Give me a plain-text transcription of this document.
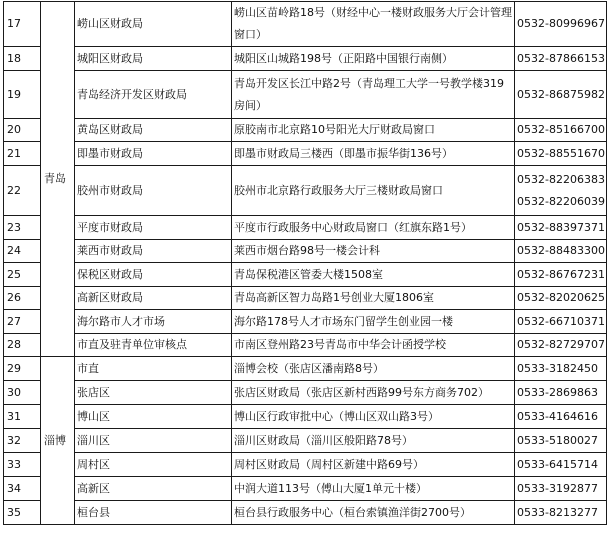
17	青岛	崂山区财政局	崂山区苗岭路18号（财经中心一楼财政服务大厅会计管理窗口）	0532-80996967

18		城阳区财政局	城阳区山城路198号（正阳路中国银行南侧）	0532-87866153

19		青岛经济开发区财政局	青岛开发区长江中路2号（青岛理工大学一号教学楼319房间）	0532-86875982

20		黄岛区财政局	原胶南市北京路10号阳光大厅财政局窗口	0532-85166700

21		即墨市财政局	即墨市财政局三楼西（即墨市振华街136号）	0532-88551670

22		胶州市财政局	胶州市北京路行政服务大厅三楼财政局窗口	0532-82206383
0532-82206039

23		平度市财政局	平度市行政服务中心财政局窗口（红旗东路1号）	0532-88397371

24		莱西市财政局	莱西市烟台路98号一楼会计科	0532-88483300

25		保税区财政局	青岛保税港区管委大楼1508室	0532-86767231

26		高新区财政局	青岛高新区智力岛路1号创业大厦1806室	0532-82020625

27		海尔路市人才市场	海尔路178号人才市场东门留学生创业园一楼	0532-66710371

28		市直及驻青单位审核点	市南区登州路23号青岛市中华会计函授学校	0532-82729707

29	淄博	市直	淄博会校（张店区潘南路8号）	0533-3182450

30		张店区	张店区财政局（张店区新村西路99号东方商务702）	0533-2869863

31		博山区	博山区行政审批中心（博山区双山路3号）	0533-4164616

32		淄川区	淄川区财政局（淄川区般阳路78号）	0533-5180027

33		周村区	周村区财政局（周村区新建中路69号）	0533-6415714

34		高新区	中润大道113号（傅山大厦1单元十楼）	0533-3192877

35		桓台县	桓台县行政服务中心（桓台索镇渔洋街2700号）	0533-8213277
